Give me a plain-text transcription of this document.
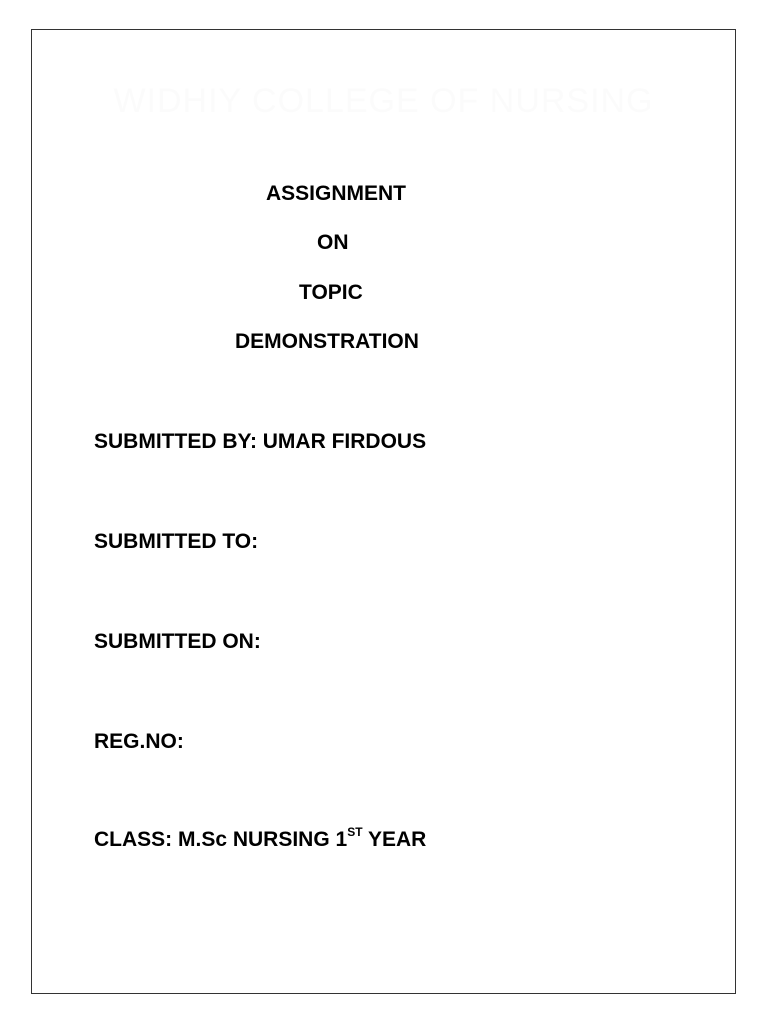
WIDHIY COLLEGE OF NURSING
ASSIGNMENT
ON
TOPIC
DEMONSTRATION
SUBMITTED BY: UMAR FIRDOUS
SUBMITTED TO:
SUBMITTED ON:
REG.NO:
CLASS: M.Sc NURSING 1ST YEAR
